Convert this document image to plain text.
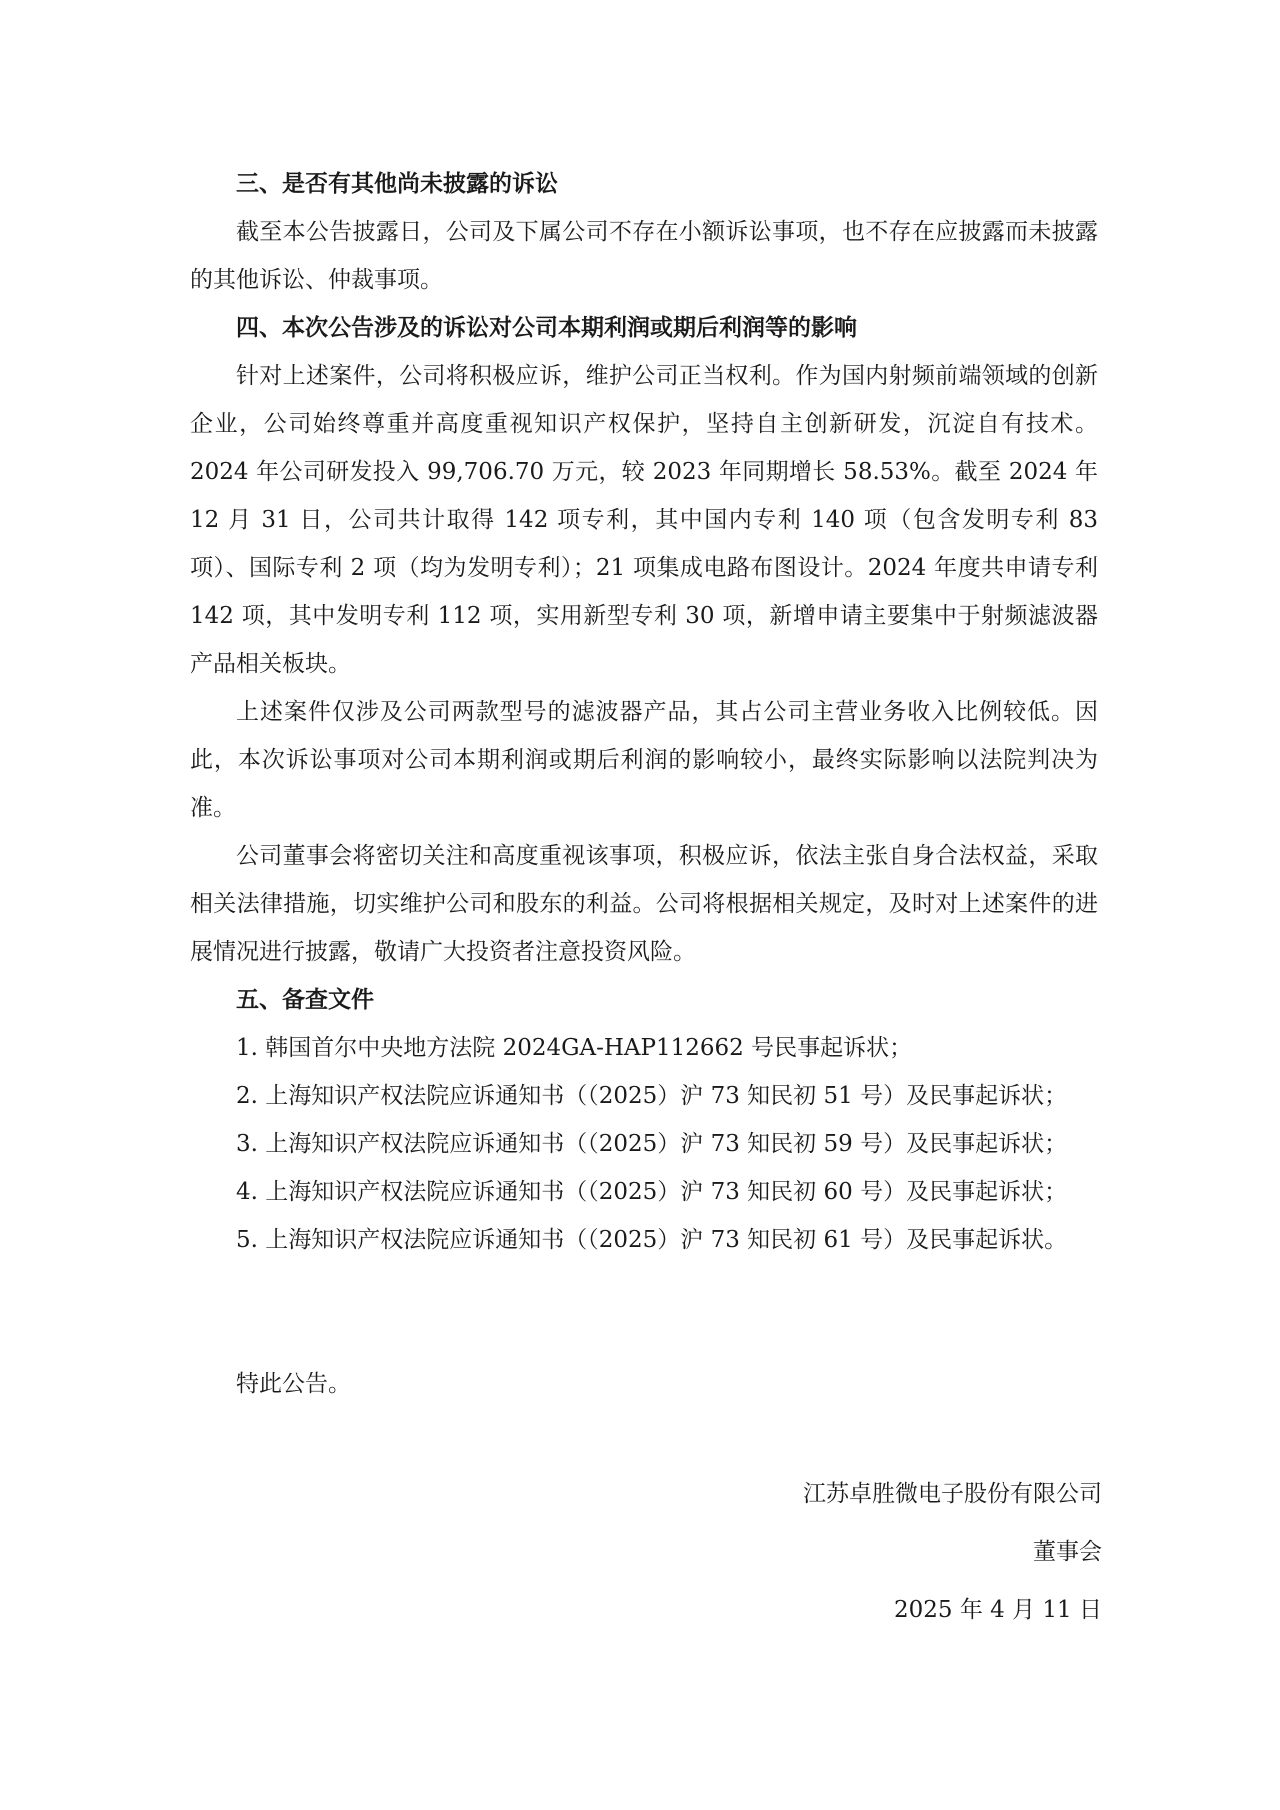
三、是否有其他尚未披露的诉讼

截至本公告披露日，公司及下属公司不存在小额诉讼事项，也不存在应披露而未披露的其他诉讼、仲裁事项。

四、本次公告涉及的诉讼对公司本期利润或期后利润等的影响

针对上述案件，公司将积极应诉，维护公司正当权利。作为国内射频前端领域的创新企业，公司始终尊重并高度重视知识产权保护，坚持自主创新研发，沉淀自有技术。2024 年公司研发投入 99,706.70 万元，较 2023 年同期增长 58.53%。截至 2024 年 12 月 31 日，公司共计取得 142 项专利，其中国内专利 140 项（包含发明专利 83 项）、国际专利 2 项（均为发明专利）；21 项集成电路布图设计。2024 年度共申请专利 142 项，其中发明专利 112 项，实用新型专利 30 项，新增申请主要集中于射频滤波器产品相关板块。

上述案件仅涉及公司两款型号的滤波器产品，其占公司主营业务收入比例较低。因此，本次诉讼事项对公司本期利润或期后利润的影响较小，最终实际影响以法院判决为准。

公司董事会将密切关注和高度重视该事项，积极应诉，依法主张自身合法权益，采取相关法律措施，切实维护公司和股东的利益。公司将根据相关规定，及时对上述案件的进展情况进行披露，敬请广大投资者注意投资风险。

五、备查文件

1. 韩国首尔中央地方法院 2024GA-HAP112662 号民事起诉状；

2. 上海知识产权法院应诉通知书（（2025）沪 73 知民初 51 号）及民事起诉状；

3. 上海知识产权法院应诉通知书（（2025）沪 73 知民初 59 号）及民事起诉状；

4. 上海知识产权法院应诉通知书（（2025）沪 73 知民初 60 号）及民事起诉状；

5. 上海知识产权法院应诉通知书（（2025）沪 73 知民初 61 号）及民事起诉状。

特此公告。

江苏卓胜微电子股份有限公司

董事会

2025 年 4 月 11 日
